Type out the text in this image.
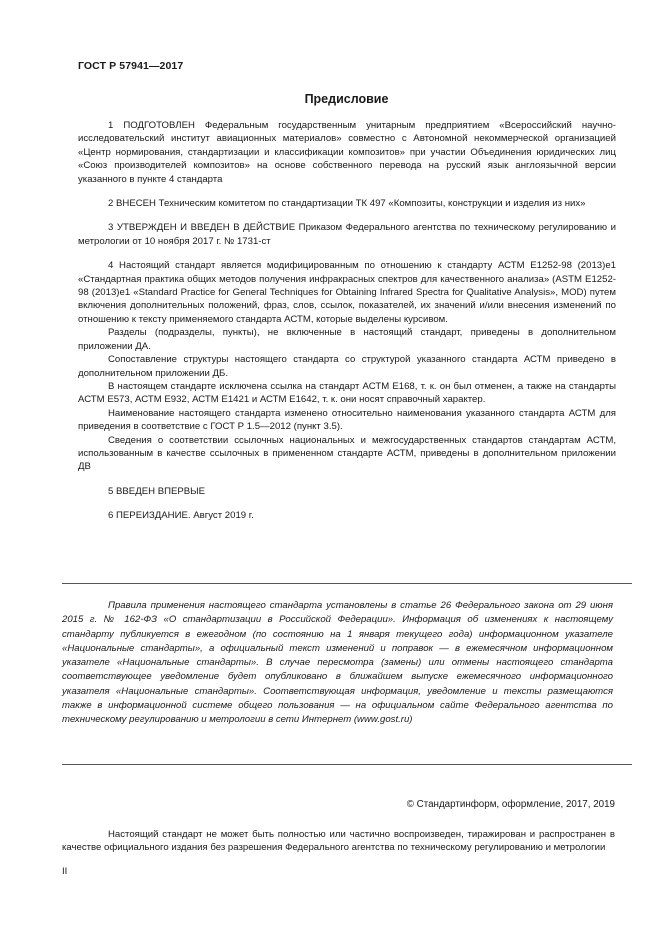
ГОСТ Р 57941—2017
Предисловие

1 ПОДГОТОВЛЕН Федеральным государственным унитарным предприятием «Всероссийский научно-исследовательский институт авиационных материалов» совместно с Автономной некоммерческой организацией «Центр нормирования, стандартизации и классификации композитов» при участии Объединения юридических лиц «Союз производителей композитов» на основе собственного перевода на русский язык англоязычной версии указанного в пункте 4 стандарта

2 ВНЕСЕН Техническим комитетом по стандартизации ТК 497 «Композиты, конструкции и изделия из них»

3 УТВЕРЖДЕН И ВВЕДЕН В ДЕЙСТВИЕ Приказом Федерального агентства по техническому регулированию и метрологии от 10 ноября 2017 г. № 1731-ст

4 Настоящий стандарт является модифицированным по отношению к стандарту АСТМ Е1252-98 (2013)е1 «Стандартная практика общих методов получения инфракрасных спектров для качественного анализа» (ASTM E1252-98 (2013)e1 «Standard Practice for General Techniques for Obtaining Infrared Spectra for Qualitative Analysis», MOD) путем включения дополнительных положений, фраз, слов, ссылок, показателей, их значений и/или внесения изменений по отношению к тексту применяемого стандарта АСТМ, которые выделены курсивом.

Разделы (подразделы, пункты), не включенные в настоящий стандарт, приведены в дополнительном приложении ДА.

Сопоставление структуры настоящего стандарта со структурой указанного стандарта АСТМ приведено в дополнительном приложении ДБ.

В настоящем стандарте исключена ссылка на стандарт АСТМ Е168, т. к. он был отменен, а также на стандарты АСТМ Е573, АСТМ Е932, АСТМ Е1421 и АСТМ Е1642, т. к. они носят справочный характер.

Наименование настоящего стандарта изменено относительно наименования указанного стандарта АСТМ для приведения в соответствие с ГОСТ Р 1.5—2012 (пункт 3.5).

Сведения о соответствии ссылочных национальных и межгосударственных стандартов стандартам АСТМ, использованным в качестве ссылочных в примененном стандарте АСТМ, приведены в дополнительном приложении ДВ

5 ВВЕДЕН ВПЕРВЫЕ

6 ПЕРЕИЗДАНИЕ. Август 2019 г.

Правила применения настоящего стандарта установлены в статье 26 Федерального закона от 29 июня 2015 г. № 162-ФЗ «О стандартизации в Российской Федерации». Информация об изменениях к настоящему стандарту публикуется в ежегодном (по состоянию на 1 января текущего года) информационном указателе «Национальные стандарты», а официальный текст изменений и поправок — в ежемесячном информационном указателе «Национальные стандарты». В случае пересмотра (замены) или отмены настоящего стандарта соответствующее уведомление будет опубликовано в ближайшем выпуске ежемесячного информационного указателя «Национальные стандарты». Соответствующая информация, уведомление и тексты размещаются также в информационной системе общего пользования — на официальном сайте Федерального агентства по техническому регулированию и метрологии в сети Интернет (www.gost.ru)
© Стандартинформ, оформление, 2017, 2019
Настоящий стандарт не может быть полностью или частично воспроизведен, тиражирован и распространен в качестве официального издания без разрешения Федерального агентства по техническому регулированию и метрологии
II
